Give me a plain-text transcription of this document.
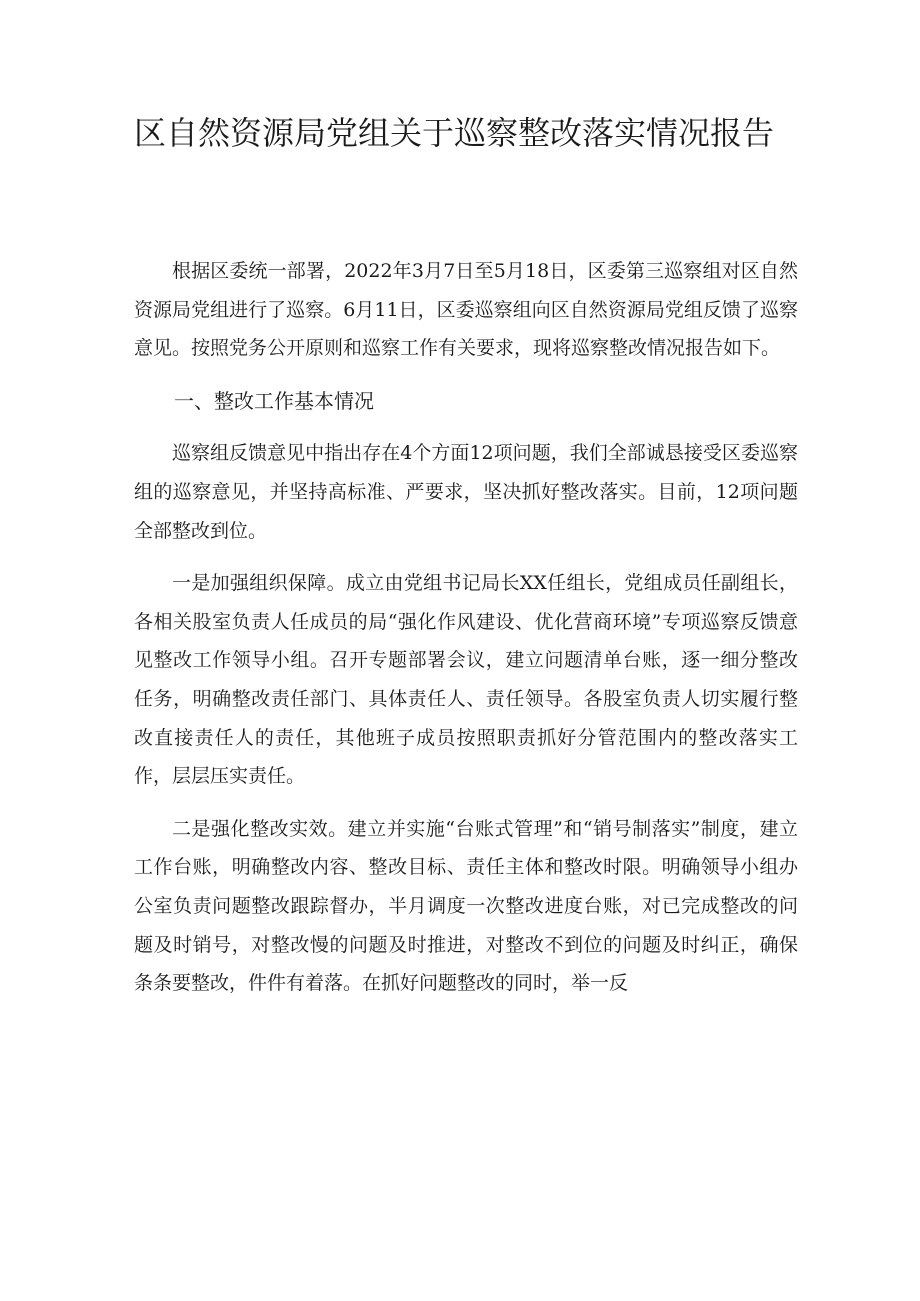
区自然资源局党组关于巡察整改落实情况报告

根据区委统一部署，2022年3月7日至5月18日，区委第三巡察组对区自然资源局党组进行了巡察。6月11日，区委巡察组向区自然资源局党组反馈了巡察意见。按照党务公开原则和巡察工作有关要求，现将巡察整改情况报告如下。

一、整改工作基本情况

巡察组反馈意见中指出存在4个方面12项问题，我们全部诚恳接受区委巡察组的巡察意见，并坚持高标准、严要求，坚决抓好整改落实。目前，12项问题全部整改到位。

一是加强组织保障。成立由党组书记局长XX任组长，党组成员任副组长，各相关股室负责人任成员的局“强化作风建设、优化营商环境”专项巡察反馈意见整改工作领导小组。召开专题部署会议，建立问题清单台账，逐一细分整改任务，明确整改责任部门、具体责任人、责任领导。各股室负责人切实履行整改直接责任人的责任，其他班子成员按照职责抓好分管范围内的整改落实工作，层层压实责任。

二是强化整改实效。建立并实施“台账式管理”和“销号制落实”制度，建立工作台账，明确整改内容、整改目标、责任主体和整改时限。明确领导小组办公室负责问题整改跟踪督办，半月调度一次整改进度台账，对已完成整改的问题及时销号，对整改慢的问题及时推进，对整改不到位的问题及时纠正，确保条条要整改，件件有着落。在抓好问题整改的同时，举一反
